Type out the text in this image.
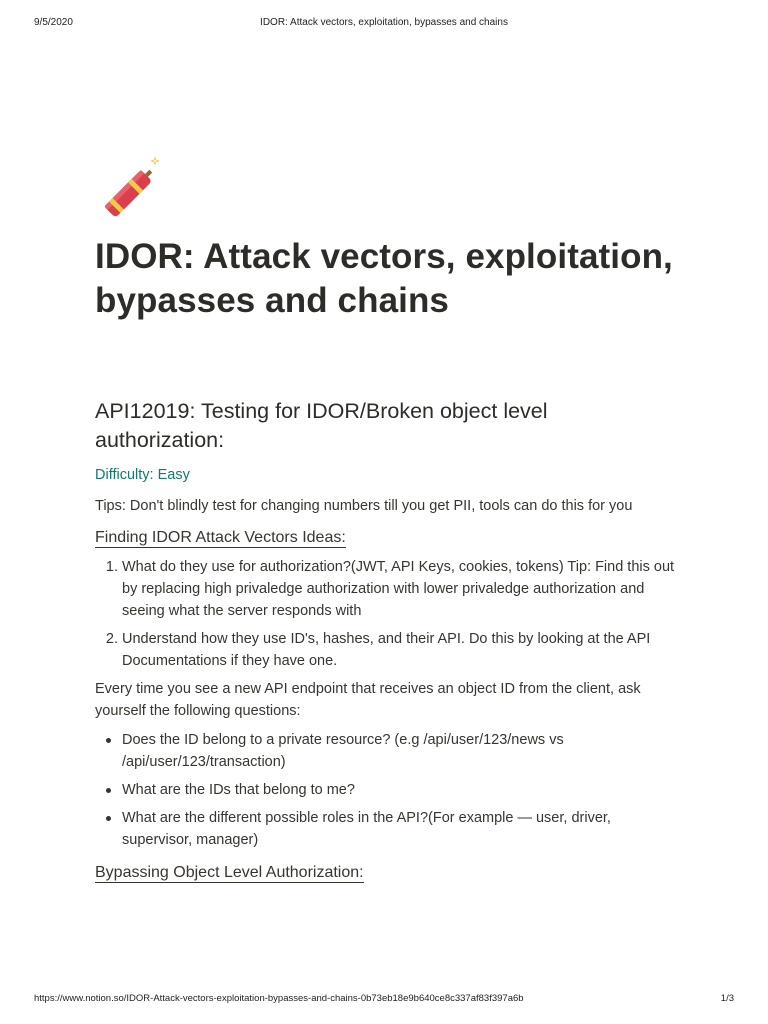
9/5/2020	IDOR: Attack vectors, exploitation, bypasses and chains
IDOR: Attack vectors, exploitation, bypasses and chains
API12019: Testing for IDOR/Broken object level authorization:

Difficulty: Easy

Tips: Don't blindly test for changing numbers till you get PII, tools can do this for you

Finding IDOR Attack Vectors Ideas:
1. What do they use for authorization?(JWT, API Keys, cookies, tokens) Tip: Find this out by replacing high privaledge authorization with lower privaledge authorization and seeing what the server responds with
2. Understand how they use ID's, hashes, and their API. Do this by looking at the API Documentations if they have one.

Every time you see a new API endpoint that receives an object ID from the client, ask yourself the following questions:

Does the ID belong to a private resource? (e.g /api/user/123/news vs /api/user/123/transaction)
What are the IDs that belong to me?
What are the different possible roles in the API?(For example — user, driver, supervisor, manager)
Bypassing Object Level Authorization:
https://www.notion.so/IDOR-Attack-vectors-exploitation-bypasses-and-chains-0b73eb18e9b640ce8c337af83f397a6b	1/3
